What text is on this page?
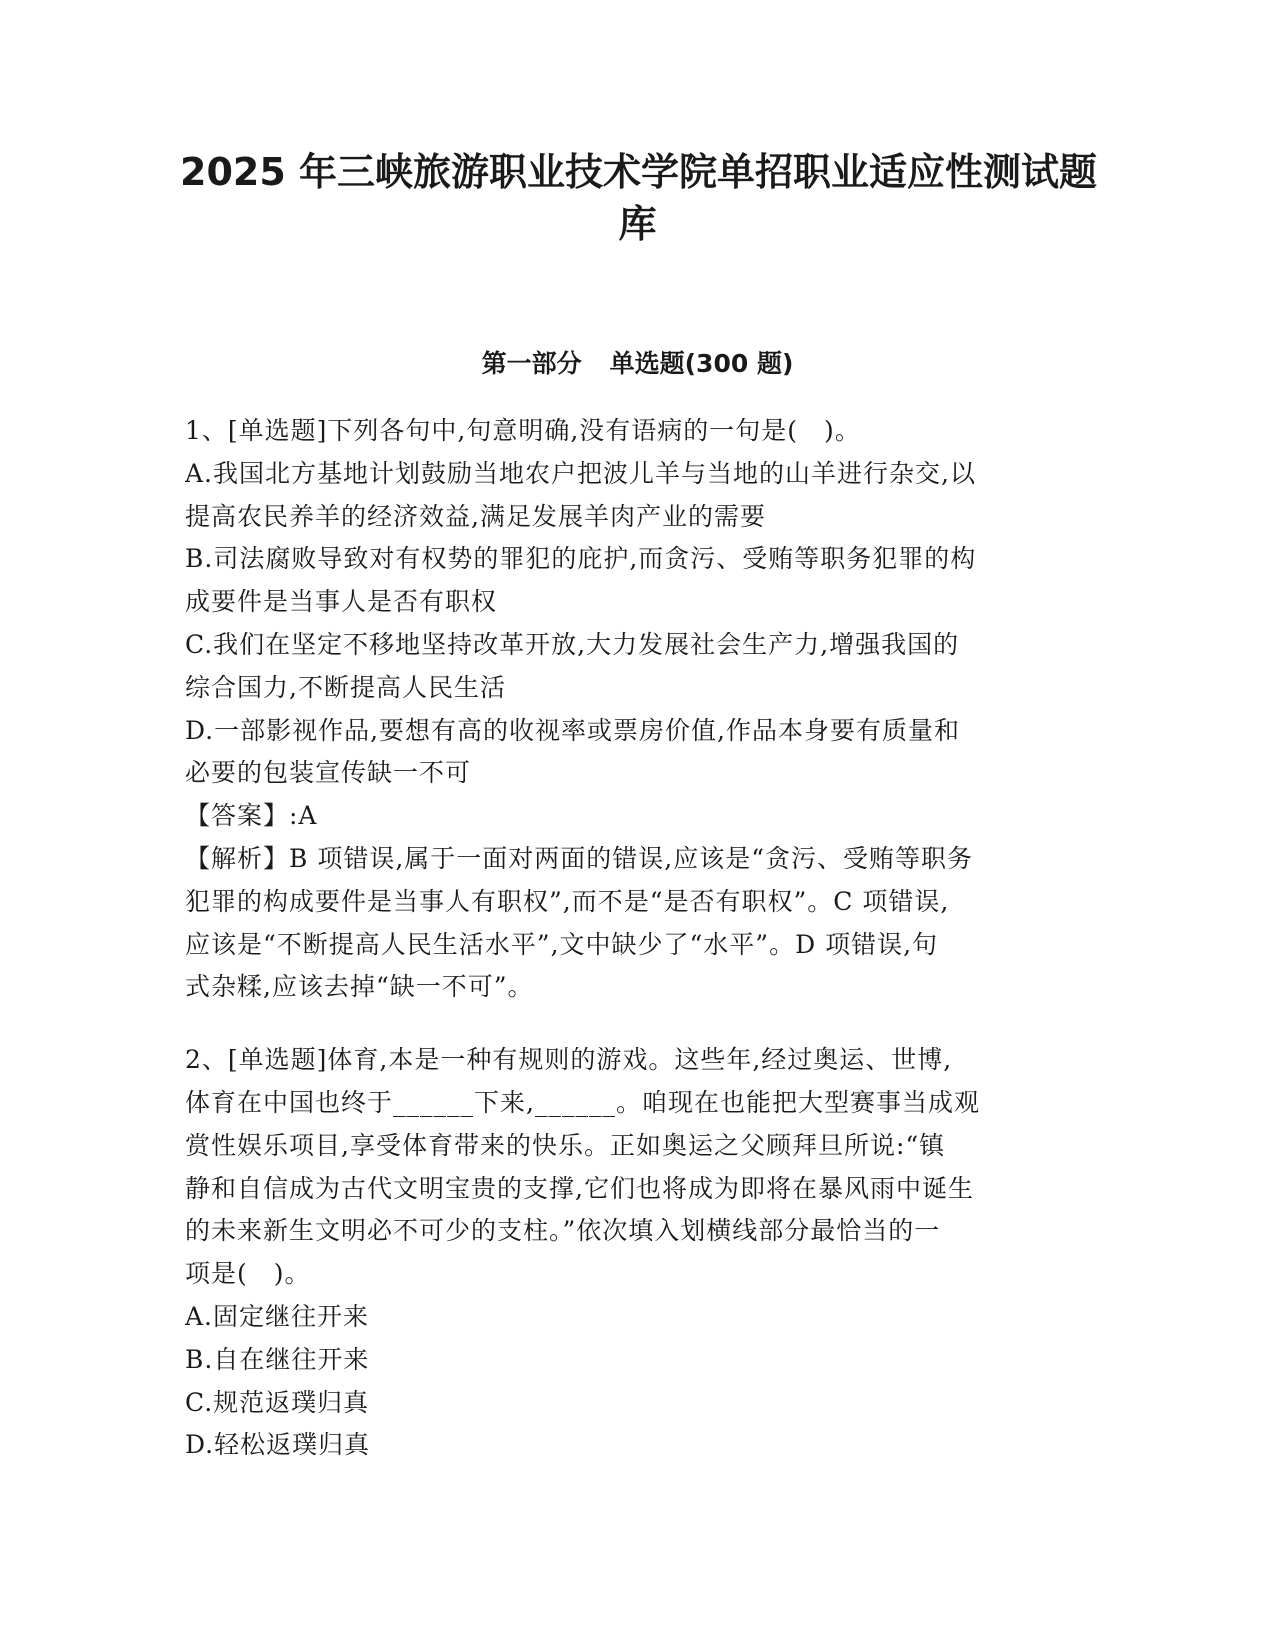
2025 年三峡旅游职业技术学院单招职业适应性测试题
库
第一部分 单选题(300 题)
1、[单选题]下列各句中,句意明确,没有语病的一句是(　)。
A.我国北方基地计划鼓励当地农户把波儿羊与当地的山羊进行杂交,以
提高农民养羊的经济效益,满足发展羊肉产业的需要
B.司法腐败导致对有权势的罪犯的庇护,而贪污、受贿等职务犯罪的构
成要件是当事人是否有职权
C.我们在坚定不移地坚持改革开放,大力发展社会生产力,增强我国的
综合国力,不断提高人民生活
D.一部影视作品,要想有高的收视率或票房价值,作品本身要有质量和
必要的包装宣传缺一不可
【答案】:A
【解析】B 项错误,属于一面对两面的错误,应该是“贪污、受贿等职务
犯罪的构成要件是当事人有职权”,而不是“是否有职权”。C 项错误,
应该是“不断提高人民生活水平”,文中缺少了“水平”。D 项错误,句
式杂糅,应该去掉“缺一不可”。
2、[单选题]体育,本是一种有规则的游戏。这些年,经过奥运、世博,
体育在中国也终于______下来,______。咱现在也能把大型赛事当成观
赏性娱乐项目,享受体育带来的快乐。正如奥运之父顾拜旦所说:“镇
静和自信成为古代文明宝贵的支撑,它们也将成为即将在暴风雨中诞生
的未来新生文明必不可少的支柱。”依次填入划横线部分最恰当的一
项是(　)。
A.固定继往开来
B.自在继往开来
C.规范返璞归真
D.轻松返璞归真
